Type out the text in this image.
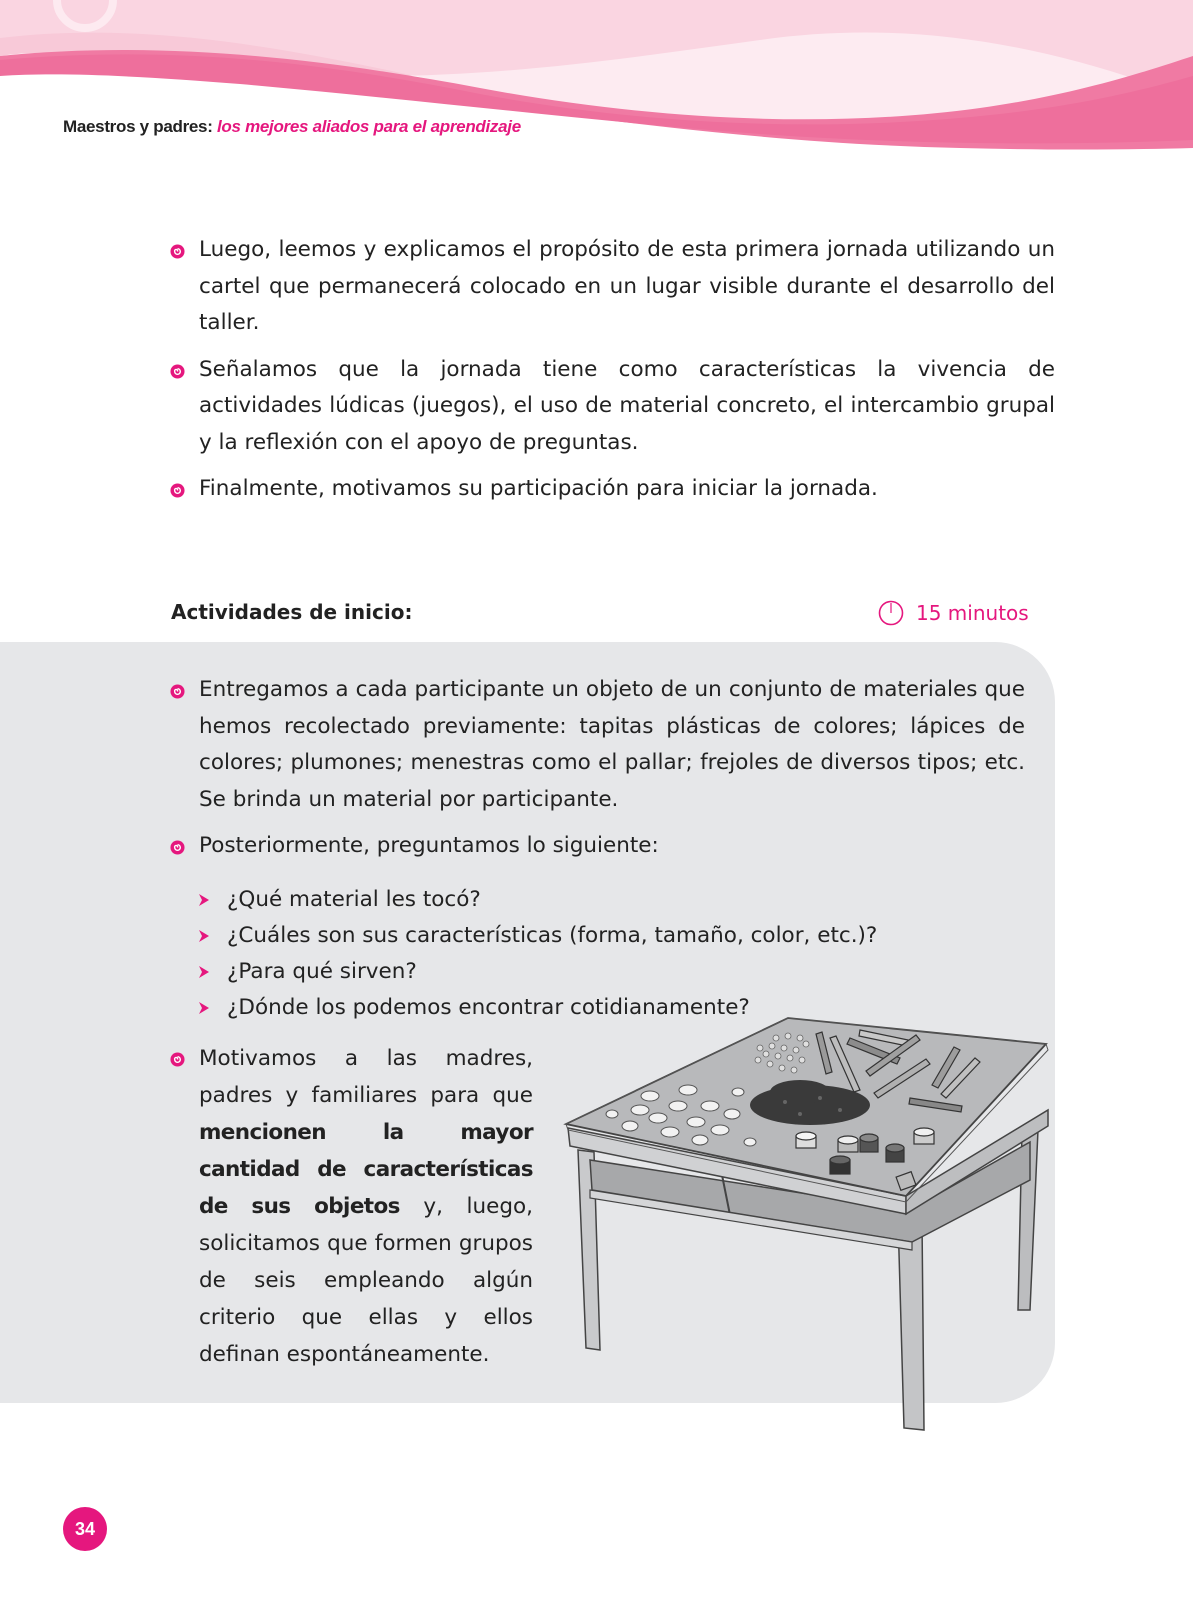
Maestros y padres: los mejores aliados para el aprendizaje
Luego, leemos y explicamos el propósito de esta primera jornada utilizando un cartel que permanecerá colocado en un lugar visible durante el desarrollo del taller.
Señalamos que la jornada tiene como características la vivencia de actividades lúdicas (juegos), el uso de material concreto, el intercambio grupal y la reflexión con el apoyo de preguntas.
Finalmente, motivamos su participación para iniciar la jornada.
Actividades de inicio:	15 minutos
Entregamos a cada participante un objeto de un conjunto de materiales que hemos recolectado previamente: tapitas plásticas de colores; lápices de colores; plumones; menestras como el pallar; frejoles de diversos tipos; etc. Se brinda un material por participante.
Posteriormente, preguntamos lo siguiente:
¿Qué material les tocó?
¿Cuáles son sus características (forma, tamaño, color, etc.)?
¿Para qué sirven?
¿Dónde los podemos encontrar cotidianamente?
Motivamos a las madres, padres y familiares para que mencionen la mayor cantidad de características de sus objetos y, luego, solicitamos que formen grupos de seis empleando algún criterio que ellas y ellos definan espontáneamente.
34
